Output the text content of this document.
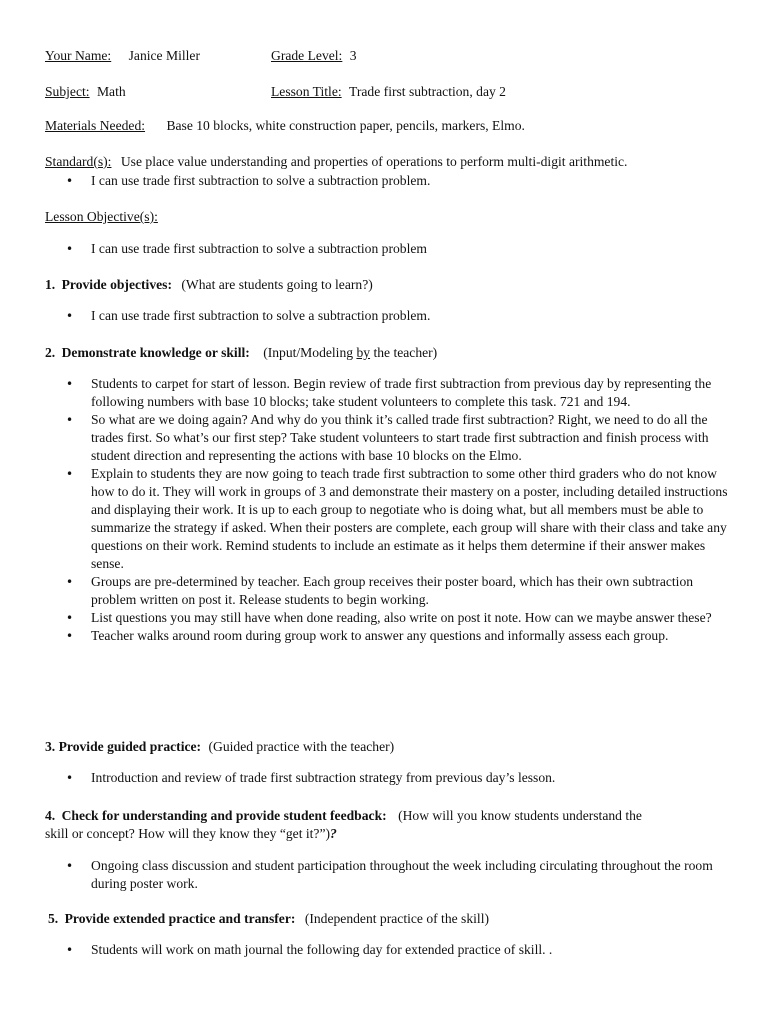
Your Name: Janice Miller	Grade Level: 3
Subject: Math	Lesson Title: Trade first subtraction, day 2
Materials Needed: Base 10 blocks, white construction paper, pencils, markers, Elmo.
Standard(s): Use place value understanding and properties of operations to perform multi-digit arithmetic.
•
I can use trade first subtraction to solve a subtraction problem.
Lesson Objective(s):
•
I can use trade first subtraction to solve a subtraction problem
1. Provide objectives: (What are students going to learn?)
•
I can use trade first subtraction to solve a subtraction problem.
2. Demonstrate knowledge or skill: (Input/Modeling by the teacher)
•
Students to carpet for start of lesson. Begin review of trade first subtraction from previous day by representing the following numbers with base 10 blocks; take student volunteers to complete this task. 721 and 194.
•
So what are we doing again? And why do you think it’s called trade first subtraction? Right, we need to do all the trades first. So what’s our first step? Take student volunteers to start trade first subtraction and finish process with student direction and representing the actions with base 10 blocks on the Elmo.
•
Explain to students they are now going to teach trade first subtraction to some other third graders who do not know how to do it. They will work in groups of 3 and demonstrate their mastery on a poster, including detailed instructions and displaying their work. It is up to each group to negotiate who is doing what, but all members must be able to summarize the strategy if asked. When their posters are complete, each group will share with their class and take any questions on their work. Remind students to include an estimate as it helps them determine if their answer makes sense.
•
Groups are pre-determined by teacher. Each group receives their poster board, which has their own subtraction problem written on post it. Release students to begin working.
•
List questions you may still have when done reading, also write on post it note. How can we maybe answer these?
•
Teacher walks around room during group work to answer any questions and informally assess each group.
3. Provide guided practice: (Guided practice with the teacher)
•
Introduction and review of trade first subtraction strategy from previous day’s lesson.
4. Check for understanding and provide student feedback: (How will you know students understand the
skill or concept? How will they know they “get it?”)?
•
Ongoing class discussion and student participation throughout the week including circulating throughout the room during poster work.
5. Provide extended practice and transfer: (Independent practice of the skill)
•
Students will work on math journal the following day for extended practice of skill. .
